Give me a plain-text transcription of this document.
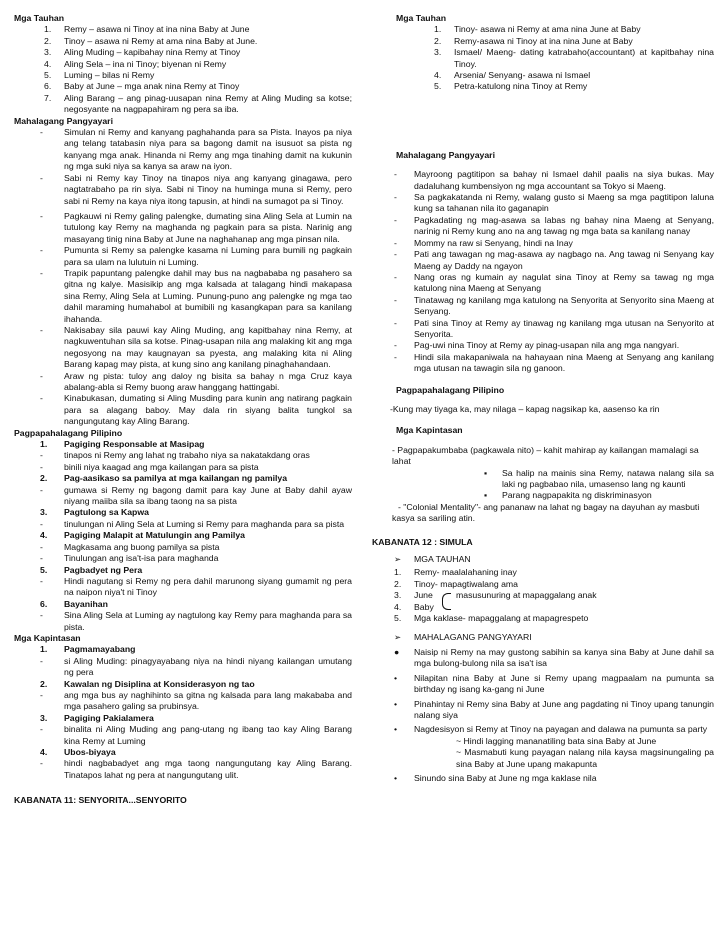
Mga Tauhan
1.	Remy – asawa ni Tinoy at ina nina Baby at June
2.	Tinoy – asawa ni Remy at ama nina Baby at June.
3.	Aling Muding – kapibahay nina Remy at Tinoy
4.	Aling Sela – ina ni Tinoy; biyenan ni Remy
5.	Luming – bilas ni Remy
6.	Baby at June – mga anak nina Remy at Tinoy
7.	Aling Barang – ang pinag-uusapan nina Remy at Aling Muding sa kotse; negosyante na nagpapahiram ng pera sa iba.
Mahalagang Pangyayari
-	Simulan ni Remy and kanyang paghahanda para sa Pista. Inayos pa niya ang telang tatabasin niya para sa bagong damit na isusuot sa pista ng kanyang mga anak. Hinanda ni Remy ang mga tinahing damit na kukunin ng mga suki niya sa kanya sa araw na iyon.
-	Sabi ni Remy kay Tinoy na tinapos niya ang kanyang ginagawa, pero nagtatrabaho pa rin siya. Sabi ni Tinoy na huminga muna si Remy, pero sabi ni Remy na kaya niya itong tapusin, at hindi na sumagot pa si Tinoy.
-	Pagkauwi ni Remy galing palengke, dumating sina Aling Sela at Lumin na tutulong kay Remy na maghanda ng pagkain para sa pista. Narinig ang masayang tinig nina Baby at June na naghahanap ang mga pinsan nila.
-	Pumunta si Remy sa palengke kasama ni Luming para bumili ng pagkain para sa ulam na lulutuin ni Luming.
-	Trapik papuntang palengke dahil may bus na nagbababa ng pasahero sa gitna ng kalye. Masisikip ang mga kalsada at talagang hindi makapasa sina Remy, Aling Sela at Luming. Punung-puno ang palengke ng mga tao dahil maraming humahabol at bumibili ng kasangkapan para sa kanilang ihahanda.
-	Nakisabay sila pauwi kay Aling Muding, ang kapitbahay nina Remy, at nagkuwentuhan sila sa kotse. Pinag-usapan nila ang malaking kit ang mga negosyong na may kaugnayan sa pyesta, ang malaking kita ni Aling Barang kapag may pista, at kung sino ang kanilang pinaghahandaan.
-	Araw ng pista: tuloy ang daloy ng bisita sa bahay n mga Cruz kaya abalang-abla si Remy buong araw hanggang hattingabi.
-	Kinabukasan, dumating si Aling Musding para kunin ang natirang pagkain para sa alagang baboy. May dala rin siyang balita tungkol sa nangungutang kay Aling Barang.
Pagpapahalagang Pilipino
1.	Pagiging Responsable at Masipag
-	tinapos ni Remy ang lahat ng trabaho niya sa nakatakdang oras
-	binili niya kaagad ang mga kailangan para sa pista
2.	Pag-aasikaso sa pamilya at mga kailangan ng pamilya
-	gumawa si Remy ng bagong damit para kay June at Baby dahil ayaw niyang maiiba sila sa ibang taong na sa pista
3.	Pagtulong sa Kapwa
-	tinulungan ni Aling Sela at Luming si Remy para maghanda para sa pista
4.	Pagiging Malapit at Matulungin ang Pamilya
-	Magkasama ang buong pamilya sa pista
-	Tinulungan ang isa't-isa para maghanda
5.	Pagbadyet ng Pera
-	Hindi nagutang si Remy ng pera dahil marunong siyang gumamit ng pera na naipon niya't ni Tinoy
6.	Bayanihan
-	Sina Aling Sela at Luming ay nagtulong kay Remy para maghanda para sa pista.
Mga Kapintasan
1.	Pagmamayabang
-	si Aling Muding: pinagyayabang niya na hindi niyang kailangan umutang ng pera
2.	Kawalan ng Disiplina at Konsiderasyon ng tao
-	ang mga bus ay naghihinto sa gitna ng kalsada para lang makababa and mga pasahero galing sa prubinsya.
3.	Pagiging Pakialamera
-	binalita ni Aling Muding ang pang-utang ng ibang tao kay Aling Barang kina Remy at Luming
4.	Ubos-biyaya
-	hindi nagbabadyet ang mga taong nangungutang kay Aling Barang. Tinatapos lahat ng pera at nangungutang ulit.
KABANATA 11: SENYORITA...SENYORITO
Mga Tauhan
1.	Tinoy- asawa ni Remy at ama nina June at Baby
2.	Remy-asawa ni Tinoy at ina nina June at Baby
3.	Ismael/ Maeng- dating katrabaho(accountant) at kapitbahay nina Tinoy.
4.	Arsenia/ Senyang- asawa ni Ismael
5.	Petra-katulong nina Tinoy at Remy
Mahalagang Pangyayari
-	Mayroong pagtitipon sa bahay ni Ismael dahil paalis na siya bukas. May dadaluhang kumbensiyon ng mga accountant sa Tokyo si Maeng.
-	Sa pagkakatanda ni Remy, walang gusto si Maeng sa mga pagtitipon laluna kung sa tahanan nila ito gaganapin
-	Pagkadating ng mag-asawa sa labas ng bahay nina Maeng at Senyang, narinig ni Remy kung ano na ang tawag ng mga bata sa kanilang nanay
-	Mommy na raw si Senyang, hindi na Inay
-	Pati ang tawagan ng mag-asawa ay nagbago na. Ang tawag ni Senyang kay Maeng ay Daddy na ngayon
-	Nang oras ng kumain ay nagulat sina Tinoy at Remy sa tawag ng mga katulong nina Maeng at Senyang
-	Tinatawag ng kanilang mga katulong na Senyorita at Senyorito sina Maeng at Senyang.
-	Pati sina Tinoy at Remy ay tinawag ng kanilang mga utusan na Senyorito at Senyorita.
-	Pag-uwi nina Tinoy at Remy ay pinag-usapan nila ang mga nangyari.
-	Hindi sila makapaniwala na hahayaan nina Maeng at Senyang ang kanilang mga utusan na tawagin sila ng ganoon.
Pagpapahalagang Pilipino
-Kung may tiyaga ka, may nilaga – kapag nagsikap ka, aasenso ka rin
Mga Kapintasan
- Pagpapakumbaba (pagkawala nito) – kahit mahirap ay kailangan mamalagi sa lahat
▪	Sa halip na mainis sina Remy, natawa nalang sila sa laki ng pagbabao nila, umasenso lang ng kaunti
▪	Parang nagpapakita ng diskriminasyon
- "Colonial Mentality"- ang pananaw na lahat ng bagay na dayuhan ay masbuti kasya sa sariling atin.
KABANATA 12 : SIMULA
➢	MGA TAUHAN
1.	Remy- maalalahaning inay
2.	Tinoy- mapagtiwalang ama
3.	June	masusunuring at mapaggalang anak
4.	Baby
5.	Mga kaklase- mapaggalang at mapagrespeto
➢	MAHALAGANG PANGYAYARI
●	Naisip ni Remy na may gustong sabihin sa kanya sina Baby at June dahil sa mga bulong-bulong nila sa isa't isa
•	Nilapitan nina Baby at June si Remy upang magpaalam na pumunta sa birthday ng isang ka-gang ni June
•	Pinahintay ni Remy sina Baby at June ang pagdating ni Tinoy upang tanungin nalang siya
•	Nagdesisyon si Remy at Tinoy na payagan and dalawa na pumunta sa party
~ Hindi lagging mananatiling bata sina Baby at June
~ Masmabuti kung payagan nalang nila kaysa magsinungaling pa sina Baby at June upang makapunta
•	Sinundo sina Baby at June ng mga kaklase nila
